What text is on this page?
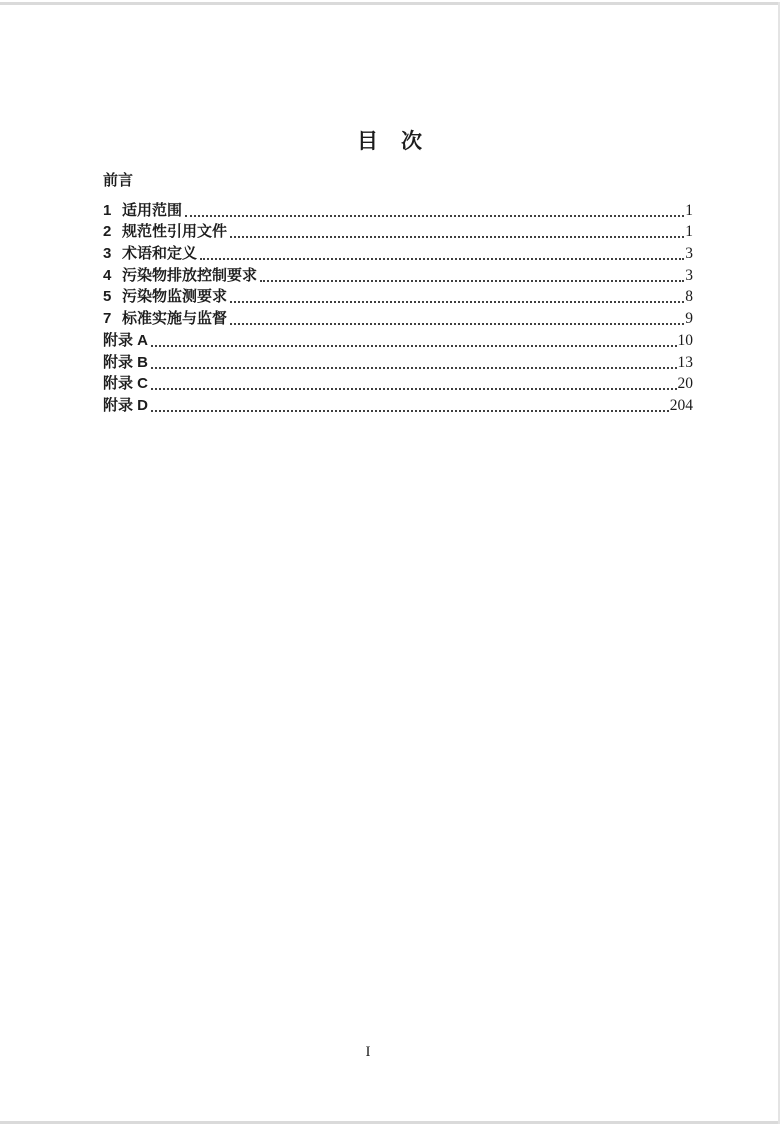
目　次
前言
1 适用范围	1
2 规范性引用文件	1
3 术语和定义	3
4 污染物排放控制要求	3
5 污染物监测要求	8
7 标准实施与监督	9
附录 A	10
附录 B	13
附录 C	20
附录 D	204
I
